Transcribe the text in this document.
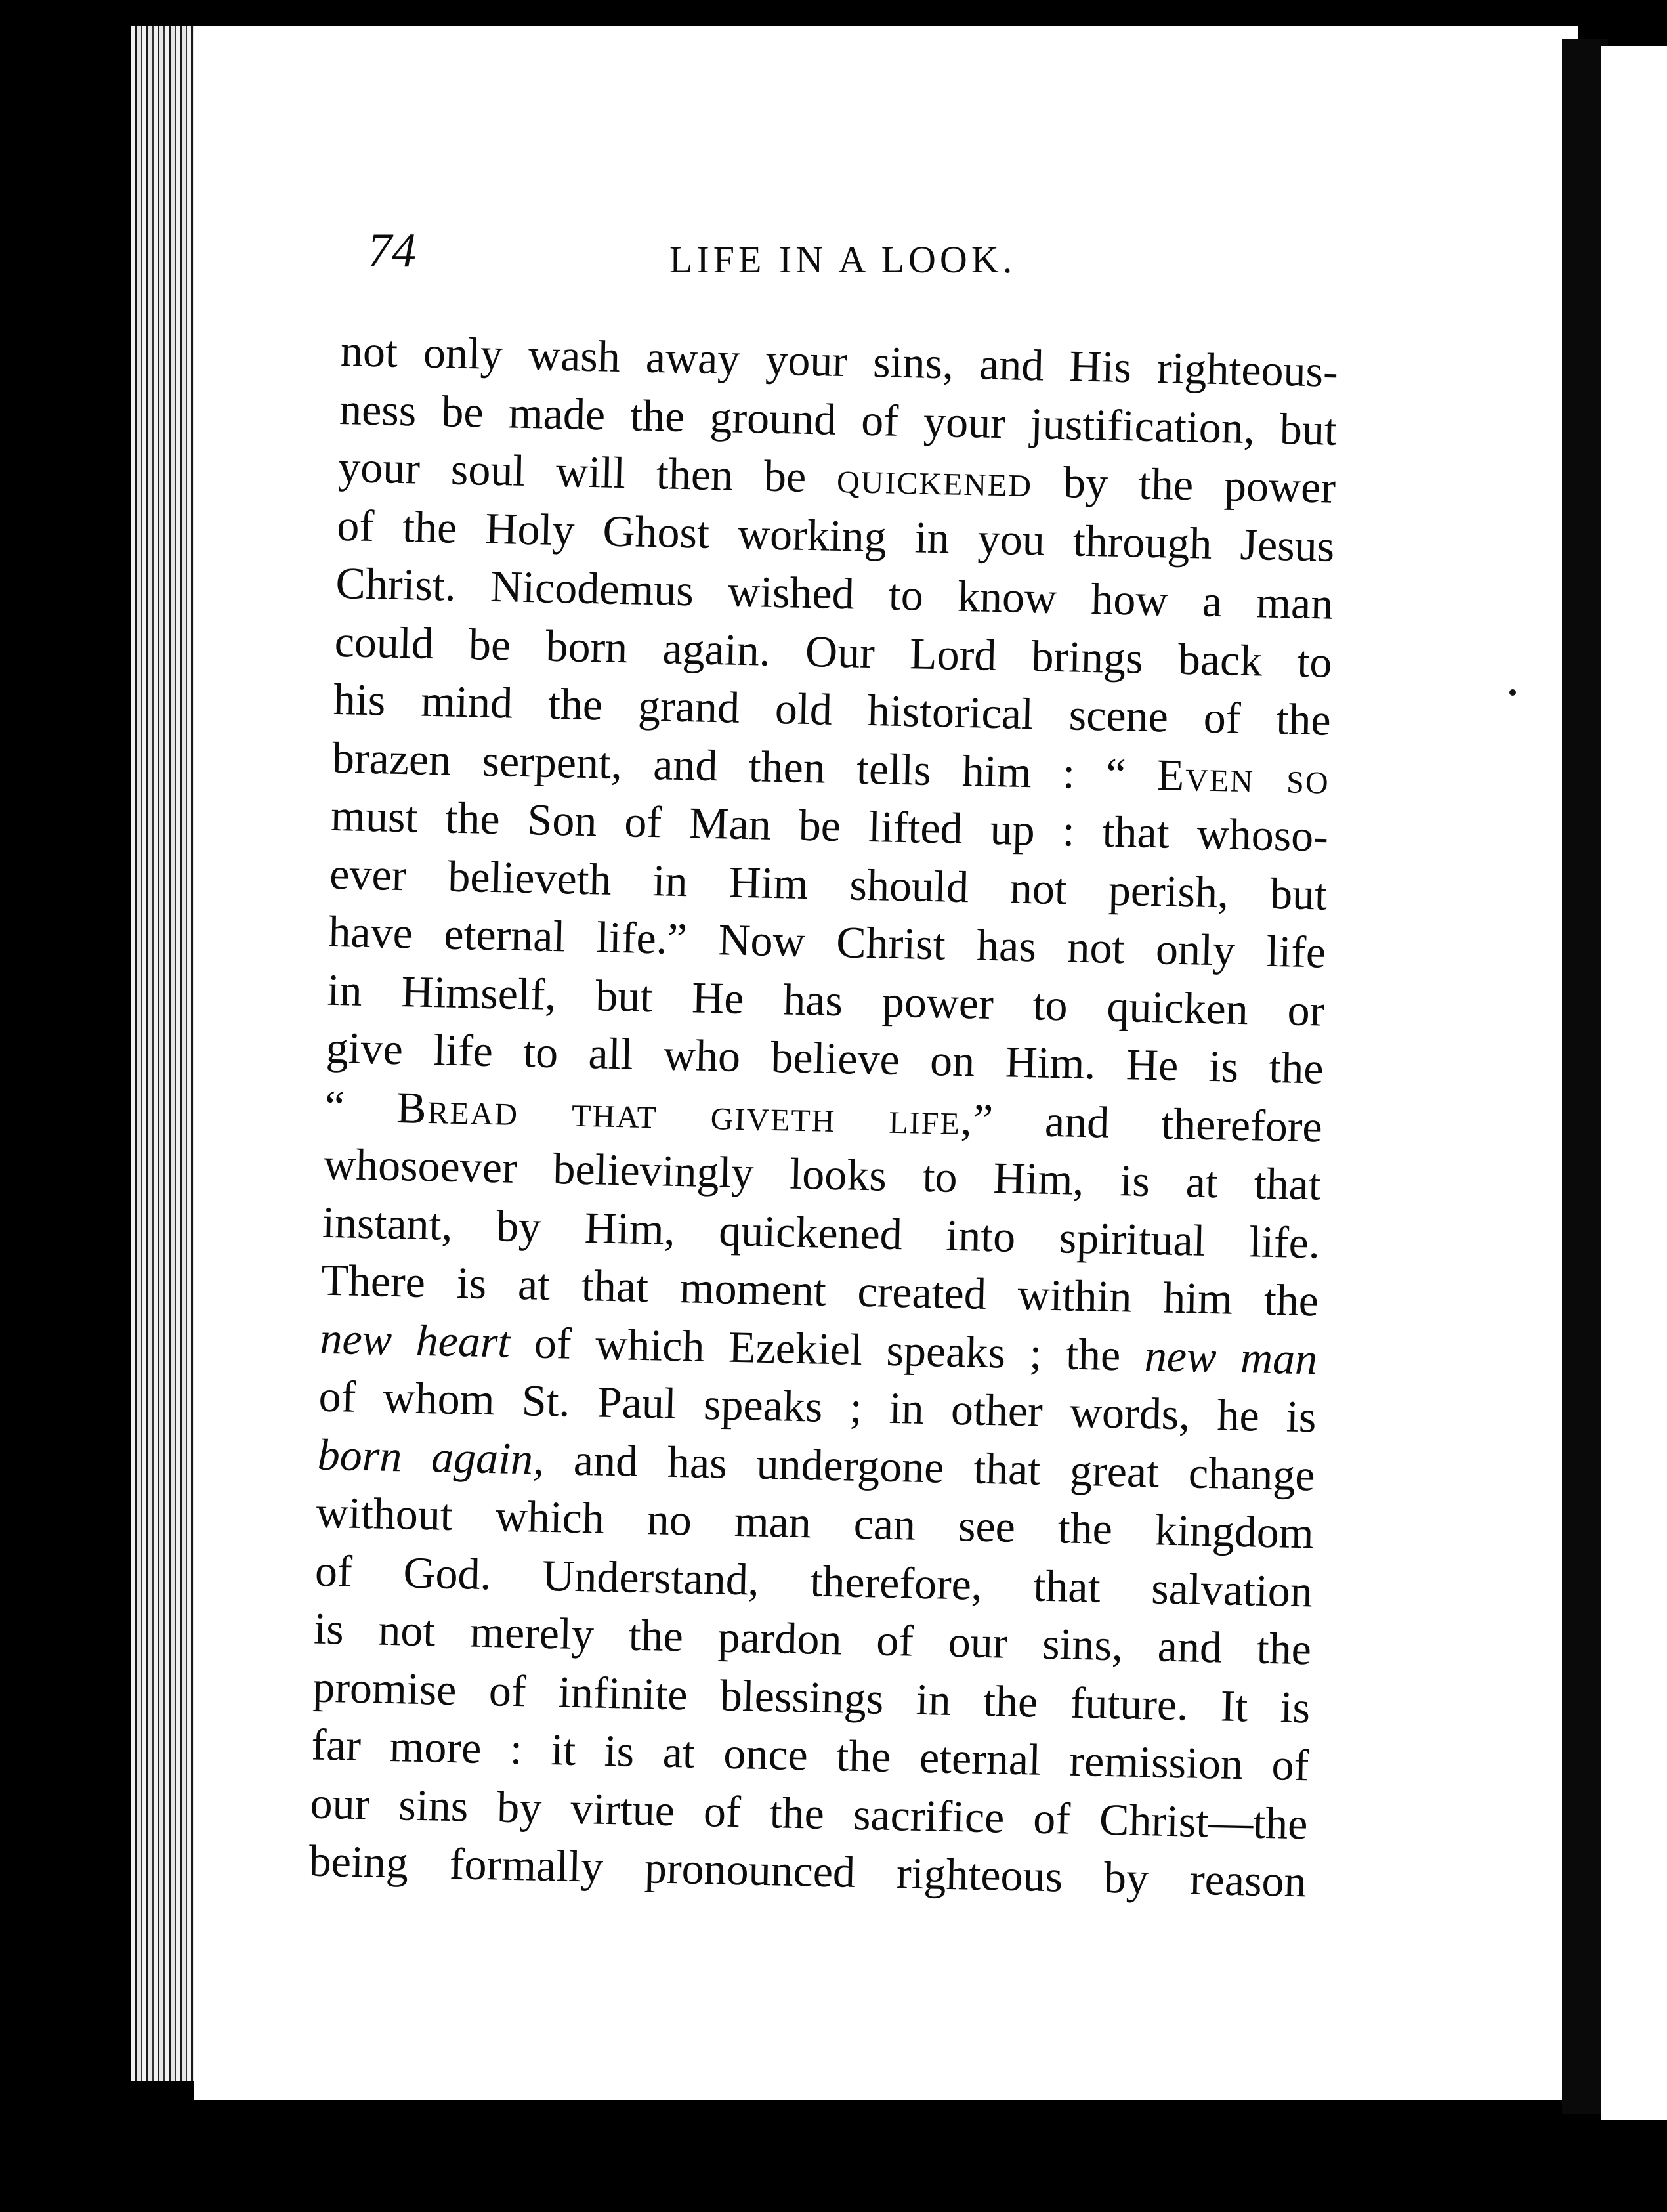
74	LIFE IN A LOOK.
not only wash away your sins, and His righteous-
ness be made the ground of your justification, but
your soul will then be quickened by the power
of the Holy Ghost working in you through Jesus
Christ. Nicodemus wished to know how a man
could be born again. Our Lord brings back to
his mind the grand old historical scene of the
brazen serpent, and then tells him : “ Even so
must the Son of Man be lifted up : that whoso-
ever believeth in Him should not perish, but
have eternal life.” Now Christ has not only life
in Himself, but He has power to quicken or
give life to all who believe on Him. He is the
“ Bread that giveth life,” and therefore
whosoever believingly looks to Him, is at that
instant, by Him, quickened into spiritual life.
There is at that moment created within him the
new heart of which Ezekiel speaks ; the new man
of whom St. Paul speaks ; in other words, he is
born again, and has undergone that great change
without which no man can see the kingdom
of God. Understand, therefore, that salvation
is not merely the pardon of our sins, and the
promise of infinite blessings in the future. It is
far more : it is at once the eternal remission of
our sins by virtue of the sacrifice of Christ—the
being formally pronounced righteous by reason
